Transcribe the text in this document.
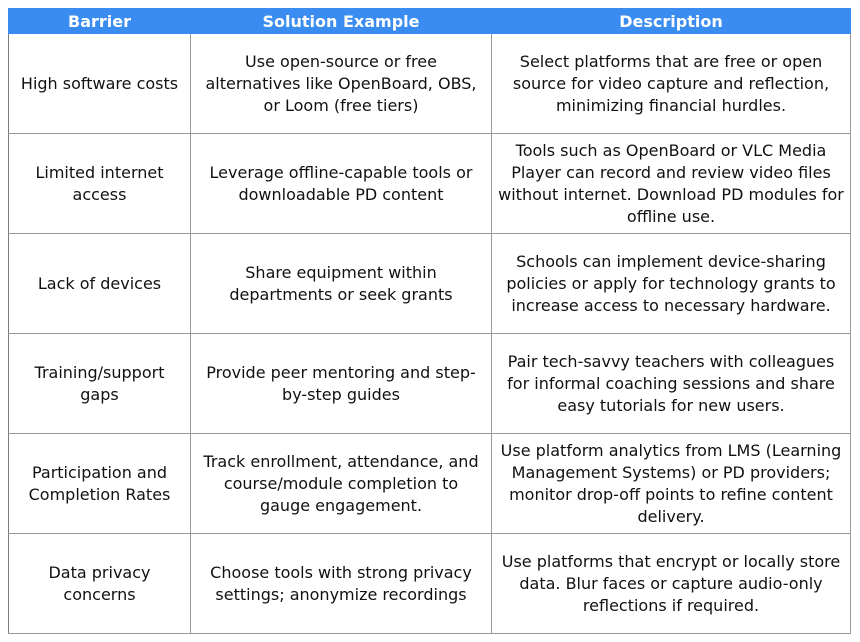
Barrier	Solution Example	Description
High software costs	Use open-source or free alternatives like OpenBoard, OBS, or Loom (free tiers)	Select platforms that are free or open source for video capture and reflection, minimizing financial hurdles.
Limited internet access	Leverage offline-capable tools or downloadable PD content	Tools such as OpenBoard or VLC Media Player can record and review video files without internet. Download PD modules for offline use.
Lack of devices	Share equipment within departments or seek grants	Schools can implement device-sharing policies or apply for technology grants to increase access to necessary hardware.
Training/support gaps	Provide peer mentoring and step-by-step guides	Pair tech-savvy teachers with colleagues for informal coaching sessions and share easy tutorials for new users.
Participation and Completion Rates	Track enrollment, attendance, and course/module completion to gauge engagement.	Use platform analytics from LMS (Learning Management Systems) or PD providers; monitor drop-off points to refine content delivery.
Data privacy concerns	Choose tools with strong privacy settings; anonymize recordings	Use platforms that encrypt or locally store data. Blur faces or capture audio-only reflections if required.
